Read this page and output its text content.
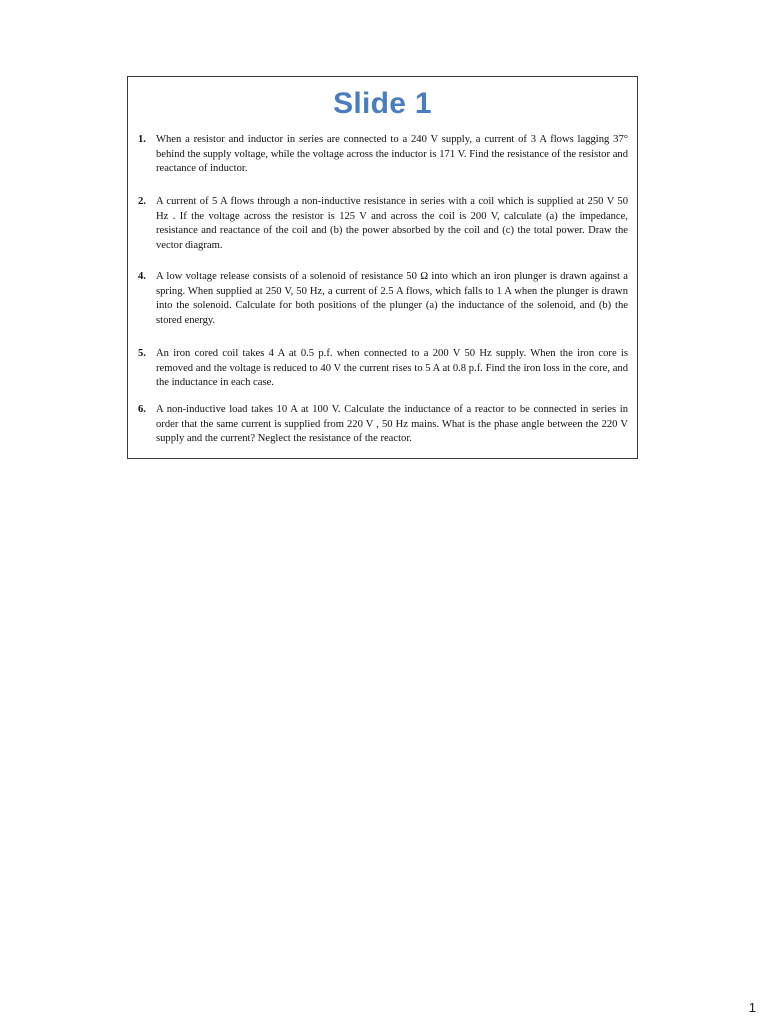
Slide 1
1. When a resistor and inductor in series are connected to a 240 V supply, a current of 3 A flows lagging 37° behind the supply voltage, while the voltage across the inductor is 171 V. Find the resistance of the resistor and reactance of inductor.
2. A current of 5 A flows through a non-inductive resistance in series with a coil which is supplied at 250 V 50 Hz . If the voltage across the resistor is 125 V and across the coil is 200 V, calculate (a) the impedance, resistance and reactance of the coil and (b) the power absorbed by the coil and (c) the total power. Draw the vector diagram.
4. A low voltage release consists of a solenoid of resistance 50 Ω into which an iron plunger is drawn against a spring. When supplied at 250 V, 50 Hz, a current of 2.5 A flows, which falls to 1 A when the plunger is drawn into the solenoid. Calculate for both positions of the plunger (a) the inductance of the solenoid, and (b) the stored energy.
5. An iron cored coil takes 4 A at 0.5 p.f. when connected to a 200 V 50 Hz supply. When the iron core is removed and the voltage is reduced to 40 V the current rises to 5 A at 0.8 p.f. Find the iron loss in the core, and the inductance in each case.
6. A non-inductive load takes 10 A at 100 V. Calculate the inductance of a reactor to be connected in series in order that the same current is supplied from 220 V , 50 Hz mains. What is the phase angle between the 220 V supply and the current? Neglect the resistance of the reactor.
1
